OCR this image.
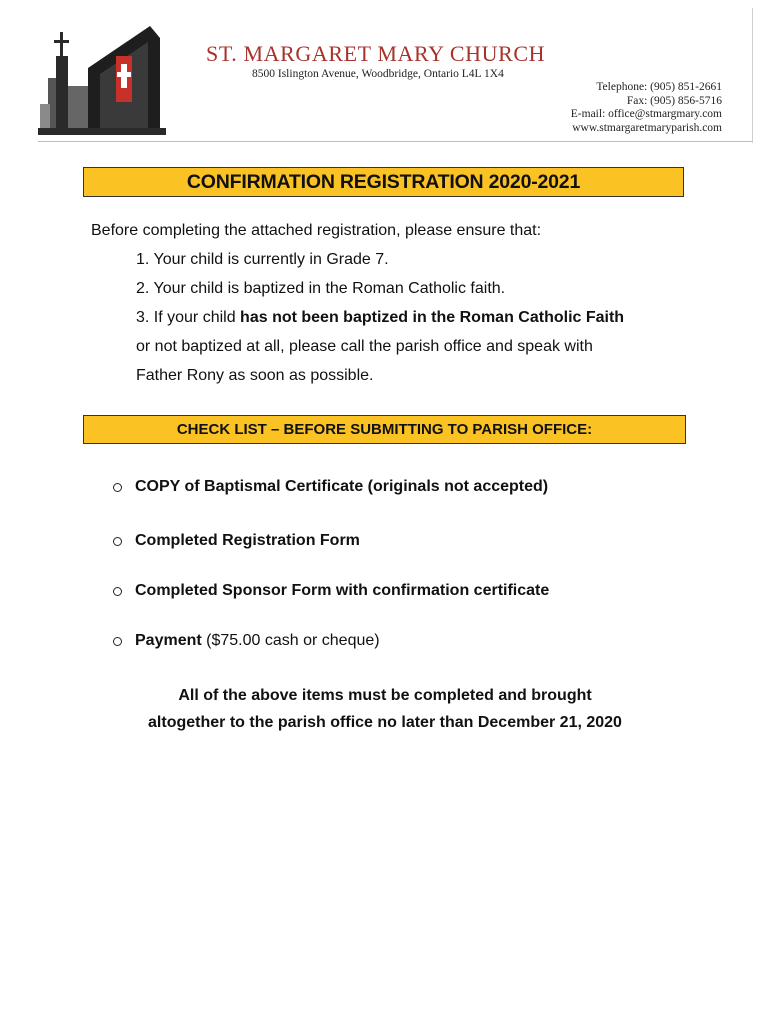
ST. MARGARET MARY CHURCH
8500 Islington Avenue, Woodbridge, Ontario L4L 1X4
Telephone: (905) 851-2661
Fax: (905) 856-5716
E-mail: office@stmargmary.com
www.stmargaretmaryparish.com
CONFIRMATION REGISTRATION 2020-2021
Before completing the attached registration, please ensure that:
1. Your child is currently in Grade 7.
2. Your child is baptized in the Roman Catholic faith.
3. If your child has not been baptized in the Roman Catholic Faith
or not baptized at all, please call the parish office and speak with
Father Rony as soon as possible.
CHECK LIST – BEFORE SUBMITTING TO PARISH OFFICE:
COPY of Baptismal Certificate (originals not accepted)
Completed Registration Form
Completed Sponsor Form with confirmation certificate
Payment ($75.00 cash or cheque)
All of the above items must be completed and brought
altogether to the parish office no later than December 21, 2020
